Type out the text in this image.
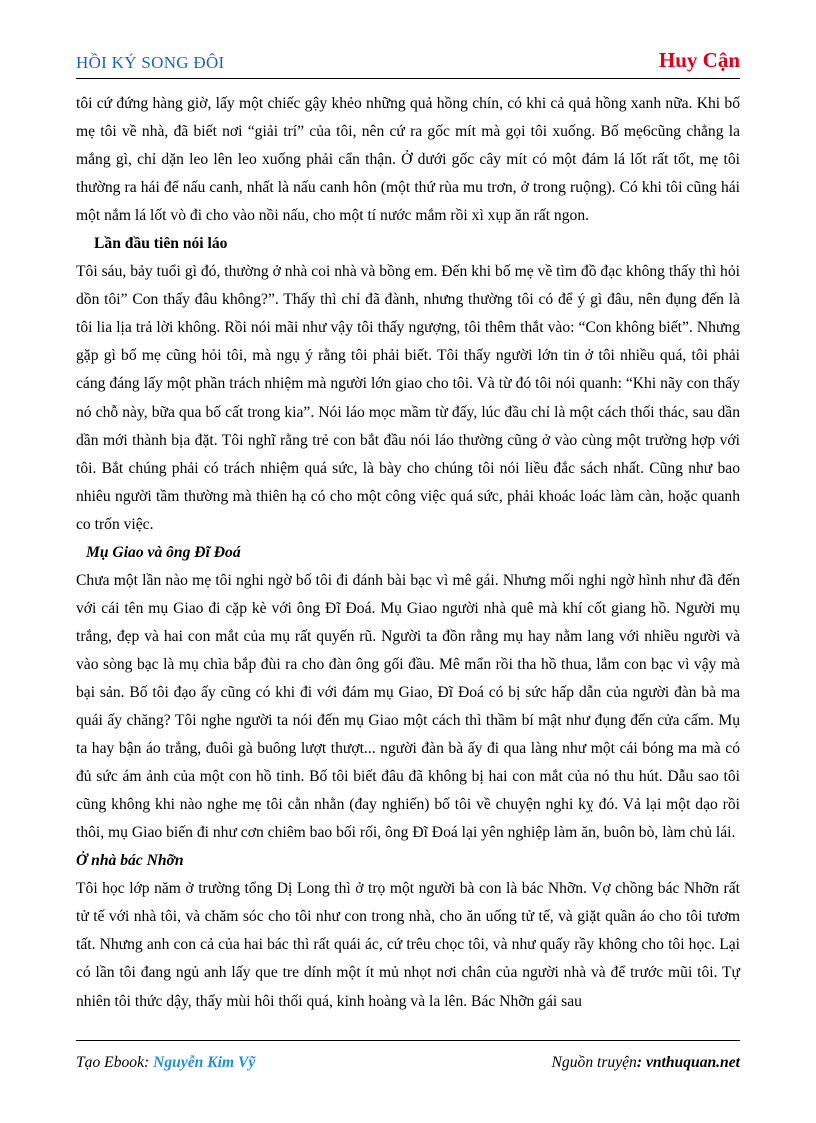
HỒI KÝ SONG ĐÔI	Huy Cận

tôi cứ đứng hàng giờ, lấy một chiếc gậy khẻo những quả hồng chín, có khi cả quả hồng xanh nữa. Khi bố mẹ tôi về nhà, đã biết nơi “giải trí” của tôi, nên cứ ra gốc mít mà gọi tôi xuống. Bố mẹ6cũng chẳng la mắng gì, chỉ dặn leo lên leo xuống phải cẩn thận. Ở dưới gốc cây mít có một đám lá lốt rất tốt, mẹ tôi thường ra hái để nấu canh, nhất là nấu canh hôn (một thứ rùa mu trơn, ở trong ruộng). Có khi tôi cũng hái một nắm lá lốt vò đi cho vào nồi nấu, cho một tí nước mắm rồi xì xụp ăn rất ngon.

Lần đầu tiên nói láo

Tôi sáu, bảy tuổi gì đó, thường ở nhà coi nhà và bồng em. Đến khi bố mẹ về tìm đồ đạc không thấy thì hỏi dồn tôi” Con thấy đâu không?”. Thấy thì chỉ đã đành, nhưng thường tôi có để ý gì đâu, nên đụng đến là tôi lia lịa trả lời không. Rồi nói mãi như vậy tôi thấy ngượng, tôi thêm thắt vào: “Con không biết”. Nhưng gặp gì bố mẹ cũng hỏi tôi, mà ngụ ý rằng tôi phải biết. Tôi thấy người lớn tin ở tôi nhiều quá, tôi phải cáng đáng lấy một phần trách nhiệm mà người lớn giao cho tôi. Và từ đó tôi nói quanh: “Khi nãy con thấy nó chỗ này, bữa qua bố cất trong kia”. Nói láo mọc mầm từ đấy, lúc đầu chỉ là một cách thối thác, sau dần dần mới thành bịa đặt. Tôi nghĩ rằng trẻ con bắt đầu nói láo thường cũng ở vào cùng một trường hợp với tôi. Bắt chúng phải có trách nhiệm quá sức, là bày cho chúng tôi nói liều đắc sách nhất. Cũng như bao nhiêu người tầm thường mà thiên hạ có cho một công việc quá sức, phải khoác loác làm càn, hoặc quanh co trốn việc.

Mụ Giao và ông Đĩ Đoá

Chưa một lần nào mẹ tôi nghi ngờ bố tôi đi đánh bài bạc vì mê gái. Nhưng mối nghi ngờ hình như đã đến với cái tên mụ Giao đi cặp kè với ông Đĩ Đoá. Mụ Giao người nhà quê mà khí cốt giang hồ. Người mụ trắng, đẹp và hai con mắt của mụ rất quyến rũ. Người ta đồn rằng mụ hay nằm lang với nhiều người và vào sòng bạc là mụ chìa bắp đùi ra cho đàn ông gối đầu. Mê mẩn rồi tha hồ thua, lắm con bạc vì vậy mà bại sản. Bố tôi đạo ấy cũng có khi đi với đám mụ Giao, Đĩ Đoá có bị sức hấp dẫn của người đàn bà ma quái ấy chăng? Tôi nghe người ta nói đến mụ Giao một cách thì thầm bí mật như đụng đến cửa cấm. Mụ ta hay bận áo trắng, đuôi gà buông lượt thượt... người đàn bà ấy đi qua làng như một cái bóng ma mà có đủ sức ám ảnh của một con hồ tinh. Bố tôi biết đâu đã không bị hai con mắt của nó thu hút. Dẫu sao tôi cũng không khi nào nghe mẹ tôi cằn nhằn (đay nghiến) bố tôi về chuyện nghi kỵ đó. Vả lại một dạo rồi thôi, mụ Giao biến đi như cơn chiêm bao bối rối, ông Đĩ Đoá lại yên nghiệp làm ăn, buôn bò, làm chủ lái.

Ở nhà bác Nhỡn

Tôi học lớp năm ở trường tổng Dị Long thì ở trọ một người bà con là bác Nhỡn. Vợ chồng bác Nhỡn rất tử tế với nhà tôi, và chăm sóc cho tôi như con trong nhà, cho ăn uống tử tế, và giặt quần áo cho tôi tươm tất. Nhưng anh con cả của hai bác thì rất quái ác, cứ trêu chọc tôi, và như quấy rầy không cho tôi học. Lại có lần tôi đang ngủ anh lấy que tre dính một ít mủ nhọt nơi chân của người nhà và để trước mũi tôi. Tự nhiên tôi thức dậy, thấy mùi hôi thối quá, kinh hoàng và la lên. Bác Nhỡn gái sau

Tạo Ebook: Nguyễn Kim Vỹ	Nguồn truyện: vnthuquan.net
